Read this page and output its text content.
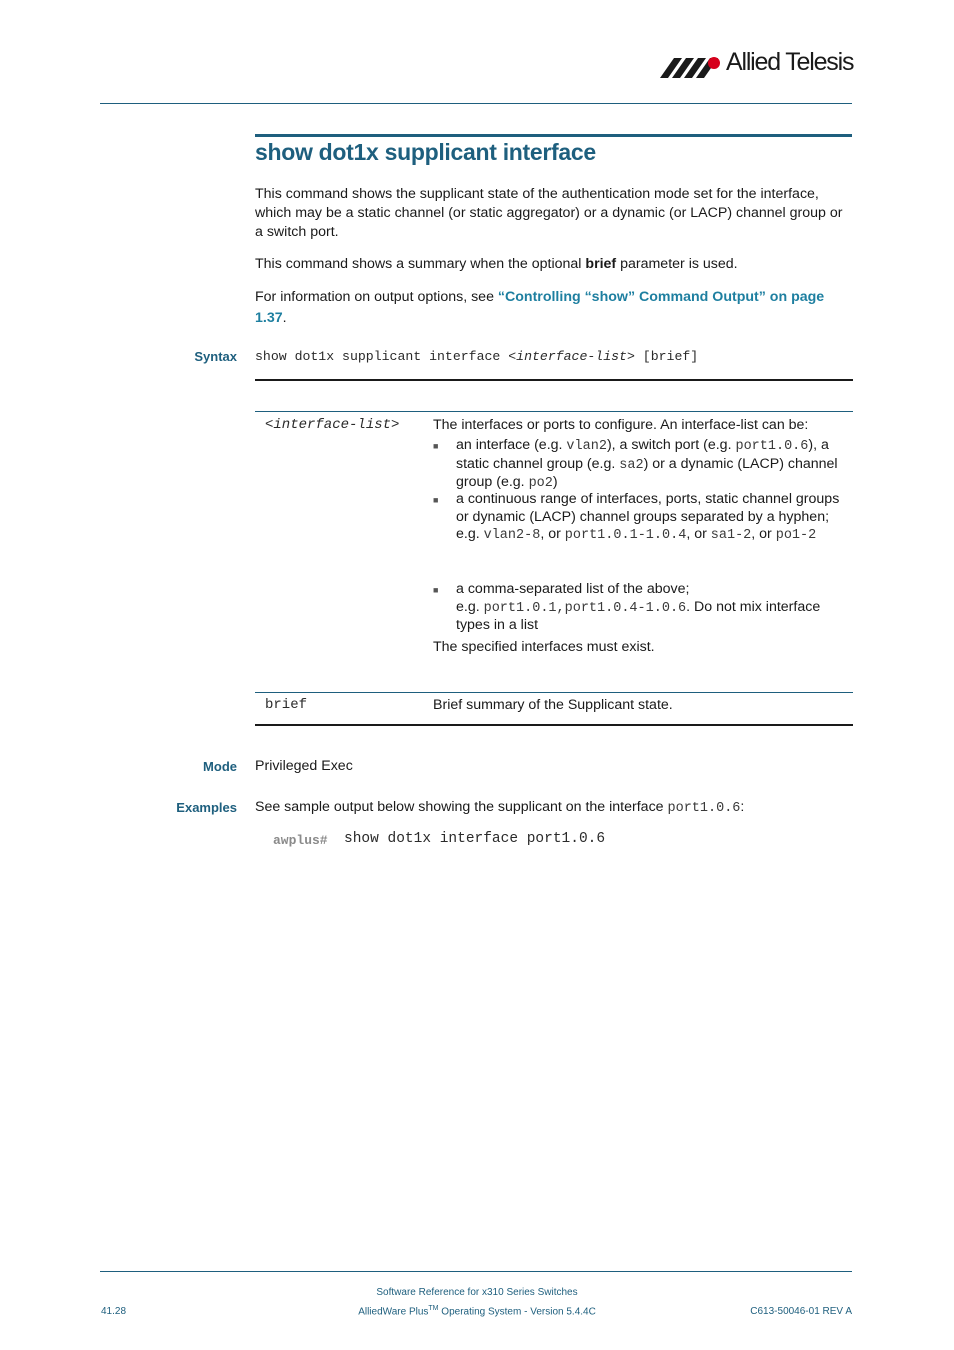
Allied Telesis
show dot1x supplicant interface
This command shows the supplicant state of the authentication mode set for the interface, which may be a static channel (or static aggregator) or a dynamic (or LACP) channel group or a switch port.
This command shows a summary when the optional brief parameter is used.
For information on output options, see “Controlling “show” Command Output” on page 1.37.
Syntax show dot1x supplicant interface <interface-list> [brief]
<interface-list> The interfaces or ports to configure. An interface-list can be:
■	an interface (e.g. vlan2), a switch port (e.g. port1.0.6), a static channel group (e.g. sa2) or a dynamic (LACP) channel group (e.g. po2)
■	a continuous range of interfaces, ports, static channel groups or dynamic (LACP) channel groups separated by a hyphen;
e.g. vlan2-8, or port1.0.1-1.0.4, or sa1-2, or po1-2
■	a comma-separated list of the above;
e.g. port1.0.1,port1.0.4-1.0.6. Do not mix interface types in a list
The specified interfaces must exist.
brief	Brief summary of the Supplicant state.
Mode Privileged Exec
Examples See sample output below showing the supplicant on the interface port1.0.6:
awplus# show dot1x interface port1.0.6
Software Reference for x310 Series Switches
AlliedWare Plus™ Operating System - Version 5.4.4C
41.28	C613-50046-01 REV A
